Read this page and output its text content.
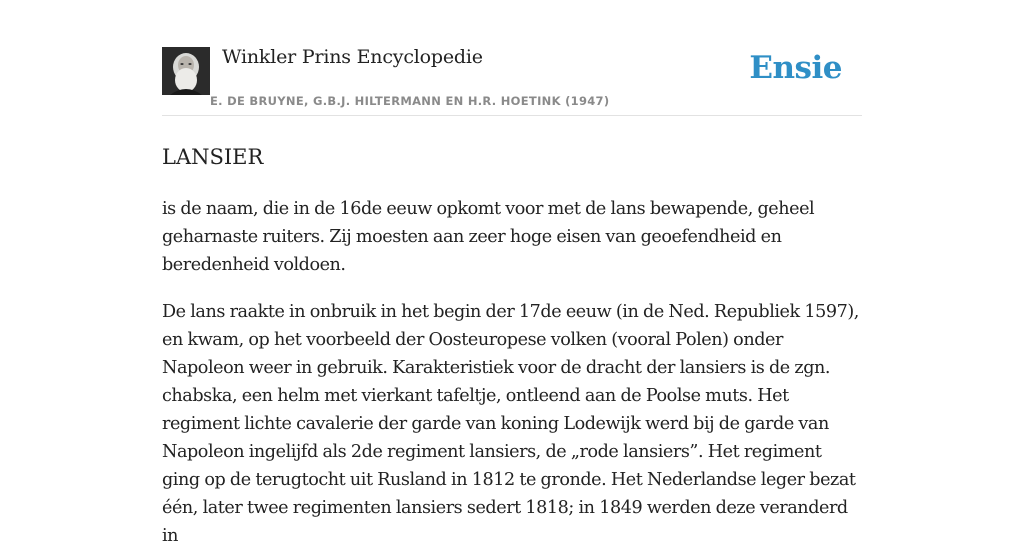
Winkler Prins Encyclopedie
E. DE BRUYNE, G.B.J. HILTERMANN EN H.R. HOETINK (1947)
Ensie
LANSIER

is de naam, die in de 16de eeuw opkomt voor met de lans bewapende, geheel geharnaste ruiters. Zij moesten aan zeer hoge eisen van geoefendheid en beredenheid voldoen.

De lans raakte in onbruik in het begin der 17de eeuw (in de Ned. Republiek 1597), en kwam, op het voorbeeld der Oosteuropese volken (vooral Polen) onder Napoleon weer in gebruik. Karakteristiek voor de dracht der lansiers is de zgn. chabska, een helm met vierkant tafeltje, ontleend aan de Poolse muts. Het regiment lichte cavalerie der garde van koning Lodewijk werd bij de garde van Napoleon ingelijfd als 2de regiment lansiers, de „rode lansiers”. Het regiment ging op de terugtocht uit Rusland in 1812 te gronde. Het Nederlandse leger bezat één, later twee regimenten lansiers sedert 1818; in 1849 werden deze veranderd in
